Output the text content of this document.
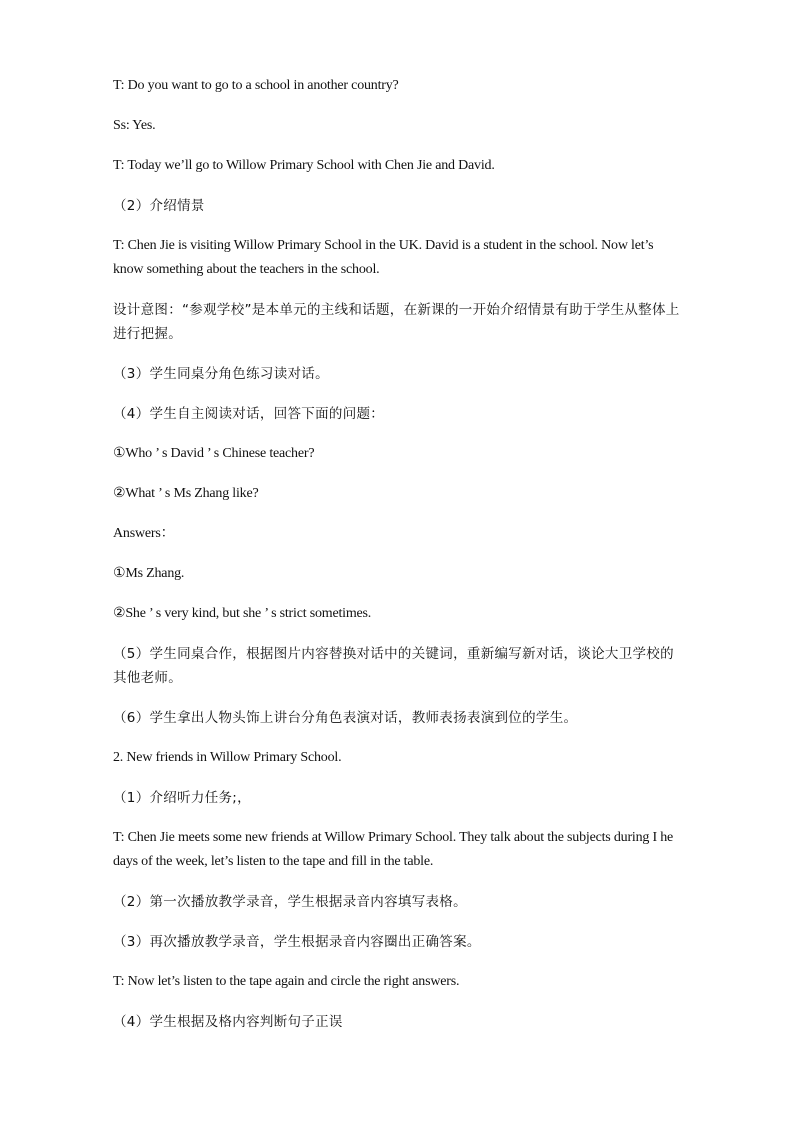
T: Do you want to go to a school in another country?

Ss: Yes.

T: Today we’ll go to Willow Primary School with Chen Jie and David.

（2）介绍情景

T: Chen Jie is visiting Willow Primary School in the UK. David is a student in the school. Now let’s know something about the teachers in the school.

设计意图：“参观学校”是本单元的主线和话题，在新课的一开始介绍情景有助于学生从整体上进行把握。

（3）学生同桌分角色练习读对话。

（4）学生自主阅读对话，回答下面的问题：

①Who ’ s David ’ s Chinese teacher?

②What ’ s Ms Zhang like?

Answers：

①Ms Zhang.

②She ’ s very kind, but she ’ s strict sometimes.

（5）学生同桌合作，根据图片内容替换对话中的关键词，重新编写新对话，谈论大卫学校的其他老师。

（6）学生拿出人物头饰上讲台分角色表演对话，教师表扬表演到位的学生。

2. New friends in Willow Primary School.

（1）介绍听力任务;，

T: Chen Jie meets some new friends at Willow Primary School. They talk about the subjects during I he days of the week, let’s listen to the tape and fill in the table.

（2）第一次播放教学录音，学生根据录音内容填写表格。

（3）再次播放教学录音，学生根据录音内容圈出正确答案。

T: Now let’s listen to the tape again and circle the right answers.

（4）学生根据及格内容判断句子正误
